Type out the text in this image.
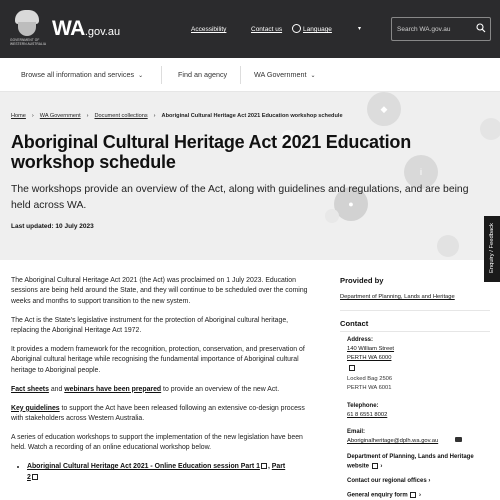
GOVERNMENT OF WESTERN AUSTRALIA
WA.gov.au	Accessibility	Contact us	Language	▾
Search WA.gov.au
Browse all information and services ⌄	Find an agency	WA Government ⌄
◆
i
●
Home › WA Government › Document collections › Aboriginal Cultural Heritage Act 2021 Education workshop schedule
Aboriginal Cultural Heritage Act 2021 Education workshop schedule
The workshops provide an overview of the Act, along with guidelines and regulations, and are being held across WA.
Last updated: 10 July 2023	Enquiry / Feedback

The Aboriginal Cultural Heritage Act 2021 (the Act) was proclaimed on 1 July 2023. Education sessions are being held around the State, and they will continue to be scheduled over the coming weeks and months to support transition to the new system.

The Act is the State's legislative instrument for the protection of Aboriginal cultural heritage, replacing the Aboriginal Heritage Act 1972.

It provides a modern framework for the recognition, protection, conservation, and preservation of Aboriginal cultural heritage while recognising the fundamental importance of Aboriginal cultural heritage to Aboriginal people.

Fact sheets and webinars have been prepared to provide an overview of the new Act.

Key guidelines to support the Act have been released following an extensive co-design process with stakeholders across Western Australia.

A series of education workshops to support the implementation of the new legislation have been held. Watch a recording of an online educational workshop below.

• Aboriginal Cultural Heritage Act 2021 - Online Education session Part 1 , Part
2
Provided by
Department of Planning, Lands and Heritage
Contact
Address:
140 William Street
PERTH WA 6000
Locked Bag 2506
PERTH WA 6001
Telephone:
61 8 6551 8002
Email:
Aboriginalheritage@dplh.wa.gov.au
Department of Planning, Lands and Heritage
website ›
Contact our regional offices ›
General enquiry form ›
